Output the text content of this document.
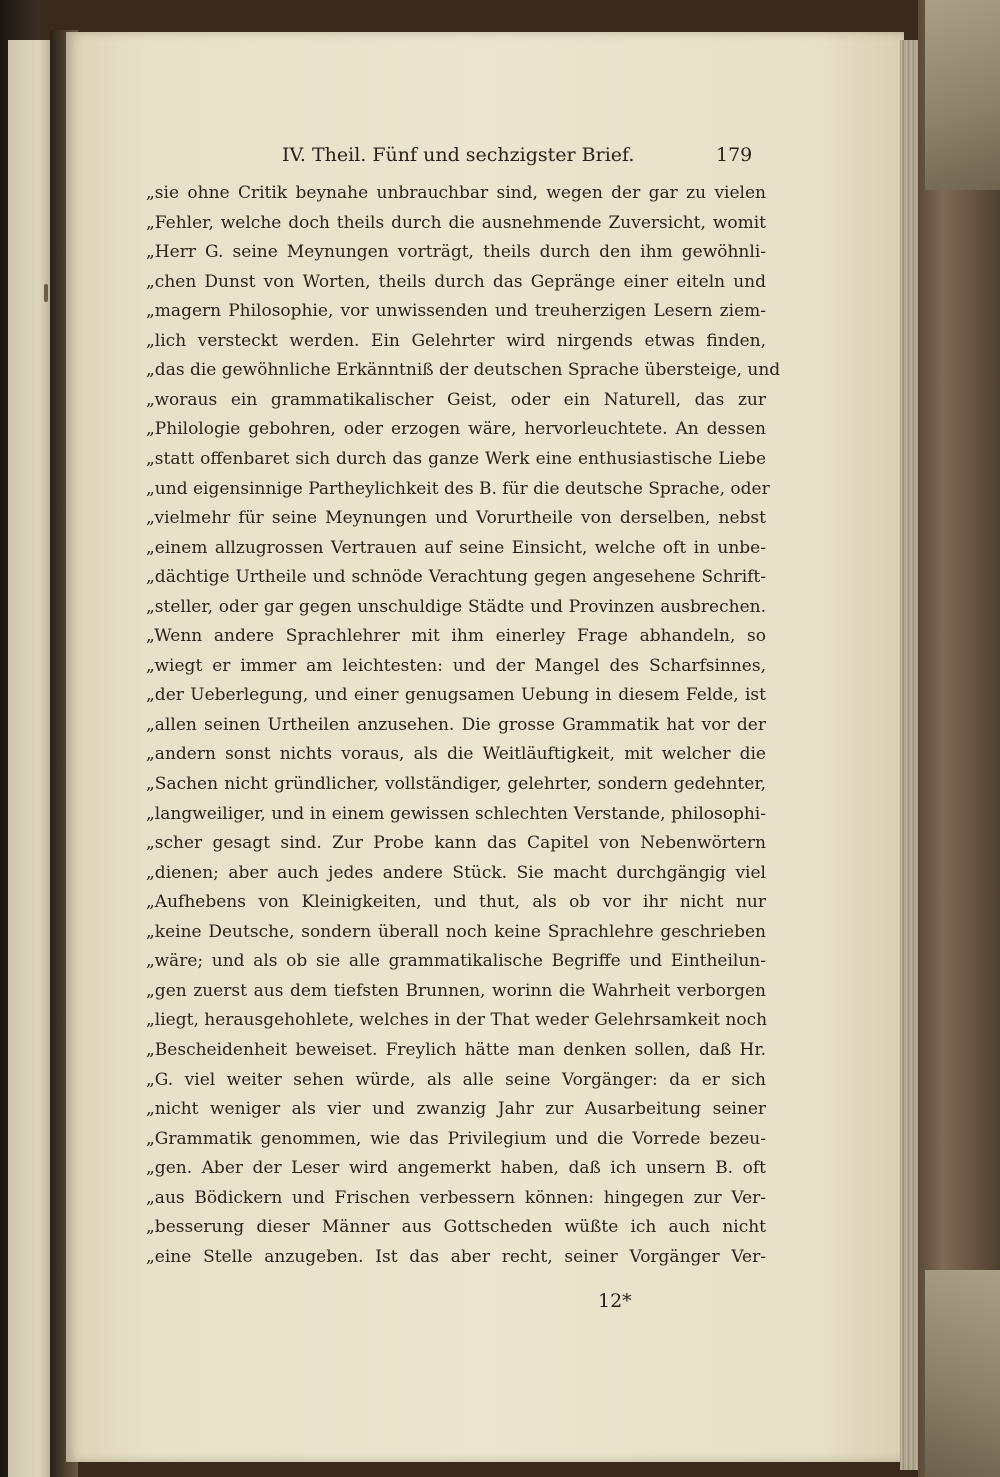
IV. Theil. Fünf und sechzigster Brief.	179
„sie ohne Critik beynahe unbrauchbar sind, wegen der gar zu vielen
„Fehler, welche doch theils durch die ausnehmende Zuversicht, womit
„Herr G. seine Meynungen vorträgt, theils durch den ihm gewöhnli-
„chen Dunst von Worten, theils durch das Gepränge einer eiteln und
„magern Philosophie, vor unwissenden und treuherzigen Lesern ziem-
„lich versteckt werden. Ein Gelehrter wird nirgends etwas finden,
„das die gewöhnliche Erkänntniß der deutschen Sprache übersteige, und
„woraus ein grammatikalischer Geist, oder ein Naturell, das zur
„Philologie gebohren, oder erzogen wäre, hervorleuchtete. An dessen
„statt offenbaret sich durch das ganze Werk eine enthusiastische Liebe
„und eigensinnige Partheylichkeit des B. für die deutsche Sprache, oder
„vielmehr für seine Meynungen und Vorurtheile von derselben, nebst
„einem allzugrossen Vertrauen auf seine Einsicht, welche oft in unbe-
„dächtige Urtheile und schnöde Verachtung gegen angesehene Schrift-
„steller, oder gar gegen unschuldige Städte und Provinzen ausbrechen.
„Wenn andere Sprachlehrer mit ihm einerley Frage abhandeln, so
„wiegt er immer am leichtesten: und der Mangel des Scharfsinnes,
„der Ueberlegung, und einer genugsamen Uebung in diesem Felde, ist
„allen seinen Urtheilen anzusehen. Die grosse Grammatik hat vor der
„andern sonst nichts voraus, als die Weitläuftigkeit, mit welcher die
„Sachen nicht gründlicher, vollständiger, gelehrter, sondern gedehnter,
„langweiliger, und in einem gewissen schlechten Verstande, philosophi-
„scher gesagt sind. Zur Probe kann das Capitel von Nebenwörtern
„dienen; aber auch jedes andere Stück. Sie macht durchgängig viel
„Aufhebens von Kleinigkeiten, und thut, als ob vor ihr nicht nur
„keine Deutsche, sondern überall noch keine Sprachlehre geschrieben
„wäre; und als ob sie alle grammatikalische Begriffe und Eintheilun-
„gen zuerst aus dem tiefsten Brunnen, worinn die Wahrheit verborgen
„liegt, herausgehohlete, welches in der That weder Gelehrsamkeit noch
„Bescheidenheit beweiset. Freylich hätte man denken sollen, daß Hr.
„G. viel weiter sehen würde, als alle seine Vorgänger: da er sich
„nicht weniger als vier und zwanzig Jahr zur Ausarbeitung seiner
„Grammatik genommen, wie das Privilegium und die Vorrede bezeu-
„gen. Aber der Leser wird angemerkt haben, daß ich unsern B. oft
„aus Bödickern und Frischen verbessern können: hingegen zur Ver-
„besserung dieser Männer aus Gottscheden wüßte ich auch nicht
„eine Stelle anzugeben. Ist das aber recht, seiner Vorgänger Ver-
12*
